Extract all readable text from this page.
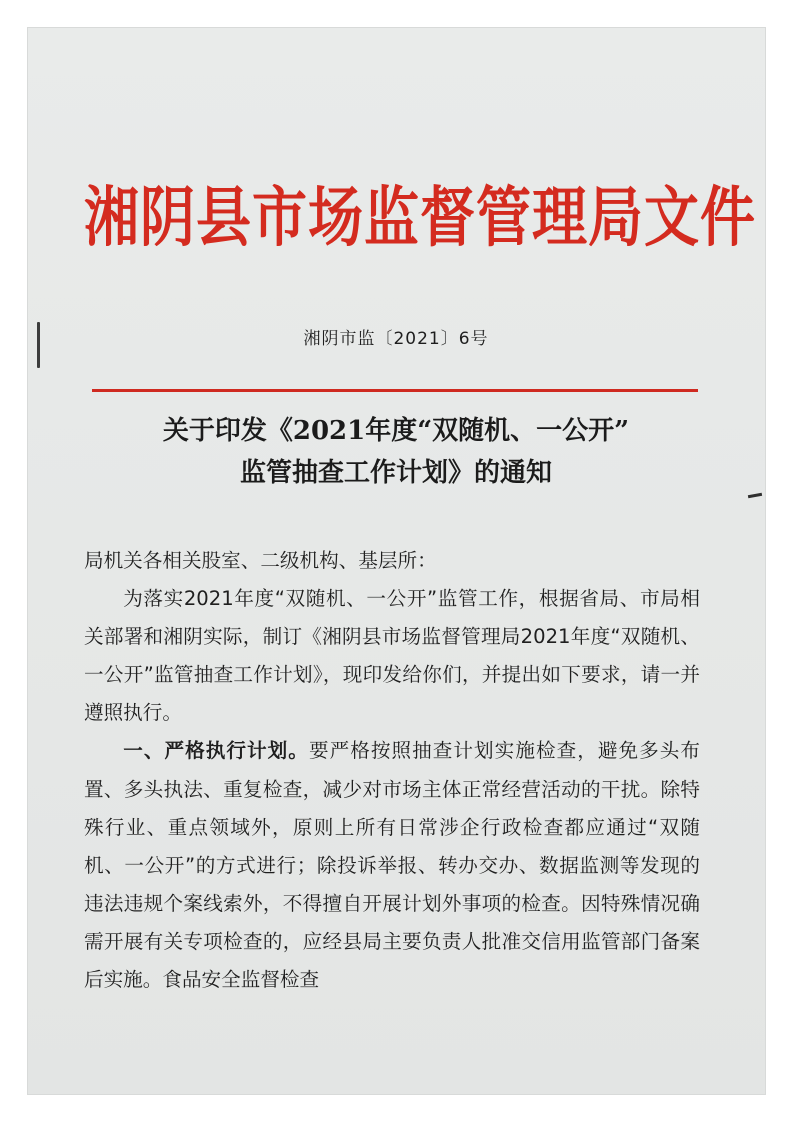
湘阴县市场监督管理局文件
湘阴市监〔2021〕6号
关于印发《2021年度“双随机、一公开”
监管抽查工作计划》的通知

局机关各相关股室、二级机构、基层所：

为落实2021年度“双随机、一公开”监管工作，根据省局、市局相关部署和湘阴实际，制订《湘阴县市场监督管理局2021年度“双随机、一公开”监管抽查工作计划》，现印发给你们，并提出如下要求，请一并遵照执行。

一、严格执行计划。要严格按照抽查计划实施检查，避免多头布置、多头执法、重复检查，减少对市场主体正常经营活动的干扰。除特殊行业、重点领域外，原则上所有日常涉企行政检查都应通过“双随机、一公开”的方式进行；除投诉举报、转办交办、数据监测等发现的违法违规个案线索外，不得擅自开展计划外事项的检查。因特殊情况确需开展有关专项检查的，应经县局主要负责人批准交信用监管部门备案后实施。食品安全监督检查
